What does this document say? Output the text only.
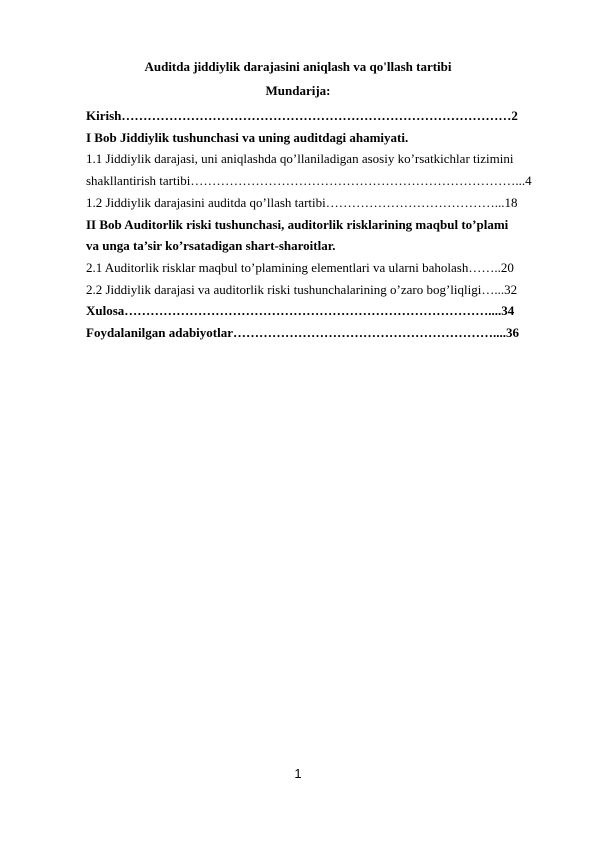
Auditda jiddiylik darajasini aniqlash va qo'llash tartibi
Mundarija:
Kirish………………………………………………………………………………2
I Bob Jiddiylik tushunchasi va uning auditdagi ahamiyati.
1.1 Jiddiylik darajasi, uni aniqlashda qo’llaniladigan asosiy ko’rsatkichlar tizimini
shakllantirish tartibi…………………………………………………………………...4
1.2 Jiddiylik darajasini auditda qo’llash tartibi…………………………………...18
II Bob Auditorlik riski tushunchasi, auditorlik risklarining maqbul to’plami
va unga ta’sir ko’rsatadigan shart-sharoitlar.
2.1 Auditorlik risklar maqbul to’plamining elementlari va ularni baholash……..20
2.2 Jiddiylik darajasi va auditorlik riski tushunchalarining o’zaro bog’liqligi…...32
Xulosa…………………………………………………………………………....34
Foydalanilgan adabiyotlar……………………………………………………....36
1
